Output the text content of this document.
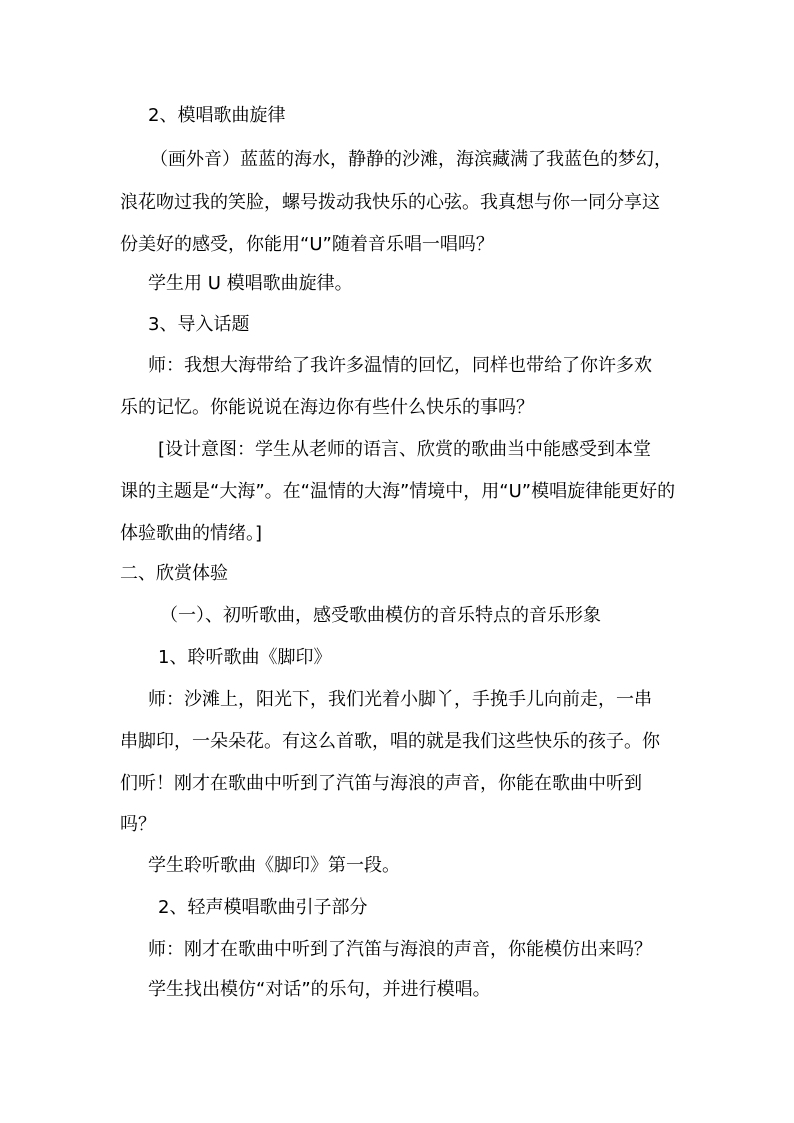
2、模唱歌曲旋律

（画外音）蓝蓝的海水，静静的沙滩，海滨藏满了我蓝色的梦幻，

浪花吻过我的笑脸，螺号拨动我快乐的心弦。我真想与你一同分享这

份美好的感受，你能用“U”随着音乐唱一唱吗？

学生用 U 模唱歌曲旋律。

3、导入话题

师：我想大海带给了我许多温情的回忆，同样也带给了你许多欢

乐的记忆。你能说说在海边你有些什么快乐的事吗？

[设计意图：学生从老师的语言、欣赏的歌曲当中能感受到本堂

课的主题是“大海”。在“温情的大海”情境中，用“U”模唱旋律能更好的

体验歌曲的情绪。]

二、欣赏体验

（一）、初听歌曲，感受歌曲模仿的音乐特点的音乐形象

1、聆听歌曲《脚印》

师：沙滩上，阳光下，我们光着小脚丫，手挽手儿向前走，一串

串脚印，一朵朵花。有这么首歌，唱的就是我们这些快乐的孩子。你

们听！刚才在歌曲中听到了汽笛与海浪的声音，你能在歌曲中听到

吗？

学生聆听歌曲《脚印》第一段。

2、轻声模唱歌曲引子部分

师：刚才在歌曲中听到了汽笛与海浪的声音，你能模仿出来吗？

学生找出模仿“对话”的乐句，并进行模唱。
